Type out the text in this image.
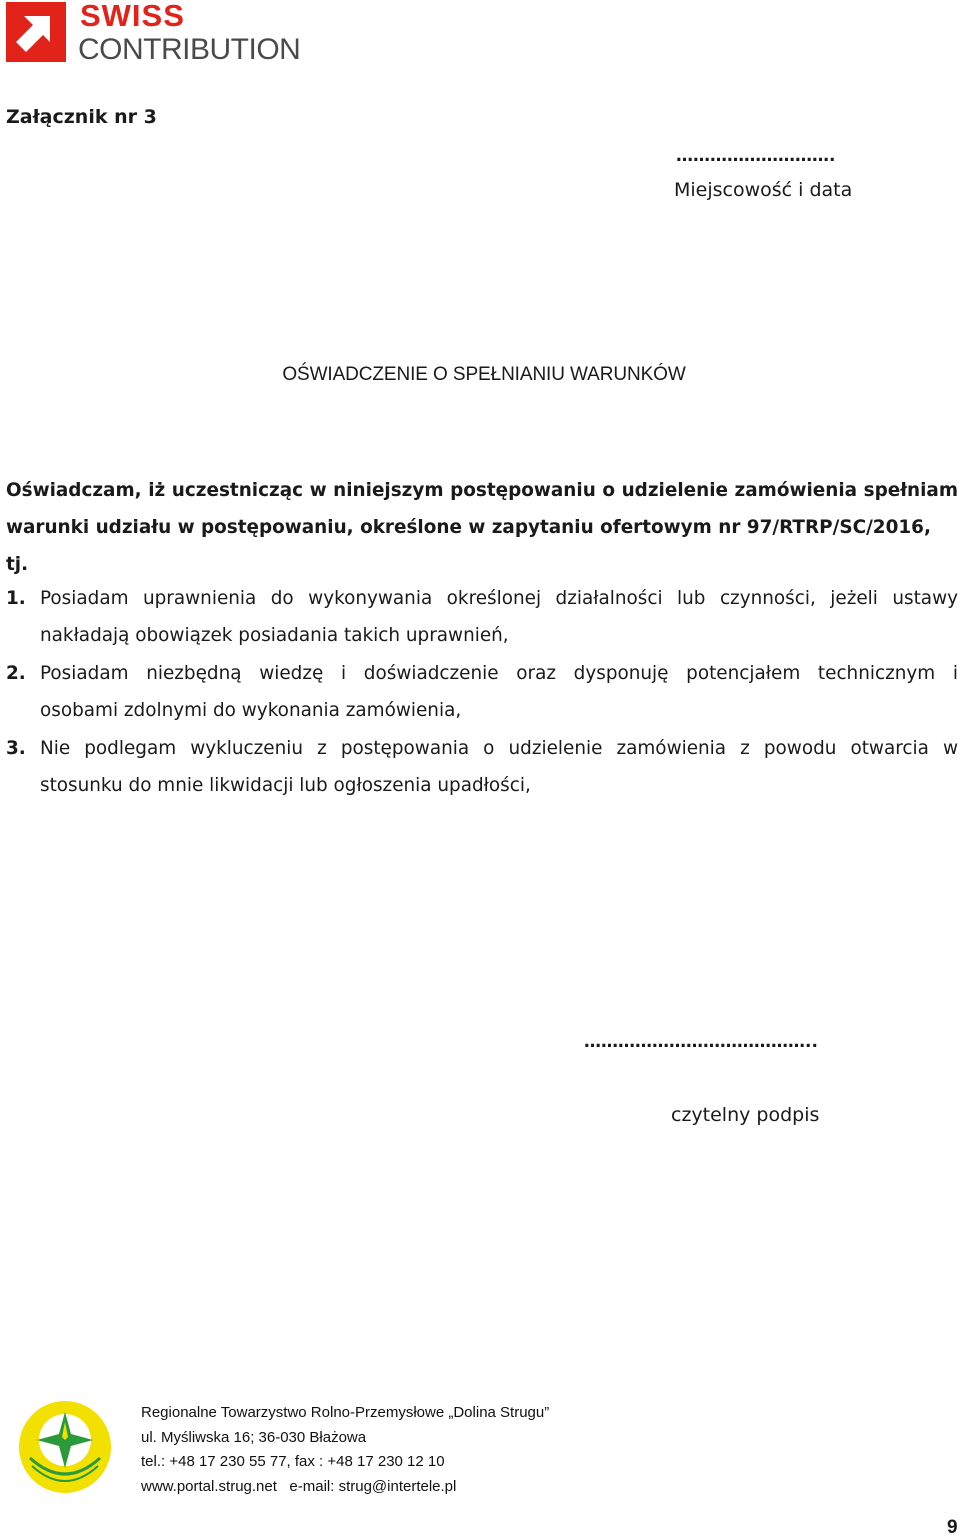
SWISS
CONTRIBUTION
Załącznik nr 3
……………………….
Miejscowość i data
OŚWIADCZENIE O SPEŁNIANIU WARUNKÓW
Oświadczam, iż uczestnicząc w niniejszym postępowaniu o udzielenie zamówienia spełniam
warunki udziału w postępowaniu, określone w zapytaniu ofertowym nr 97/RTRP/SC/2016, tj.
1. Posiadam uprawnienia do wykonywania określonej działalności lub czynności, jeżeli ustawy
nakładają obowiązek posiadania takich uprawnień,
2. Posiadam niezbędną wiedzę i doświadczenie oraz dysponuję potencjałem technicznym i
osobami zdolnymi do wykonania zamówienia,
3. Nie podlegam wykluczeniu z postępowania o udzielenie zamówienia z powodu otwarcia w
stosunku do mnie likwidacji lub ogłoszenia upadłości,
…………………………………..
czytelny podpis
Regionalne Towarzystwo Rolno-Przemysłowe „Dolina Strugu”
ul. Myśliwska 16; 36-030 Błażowa
tel.: +48 17 230 55 77, fax : +48 17 230 12 10
www.portal.strug.net   e-mail: strug@intertele.pl
9
